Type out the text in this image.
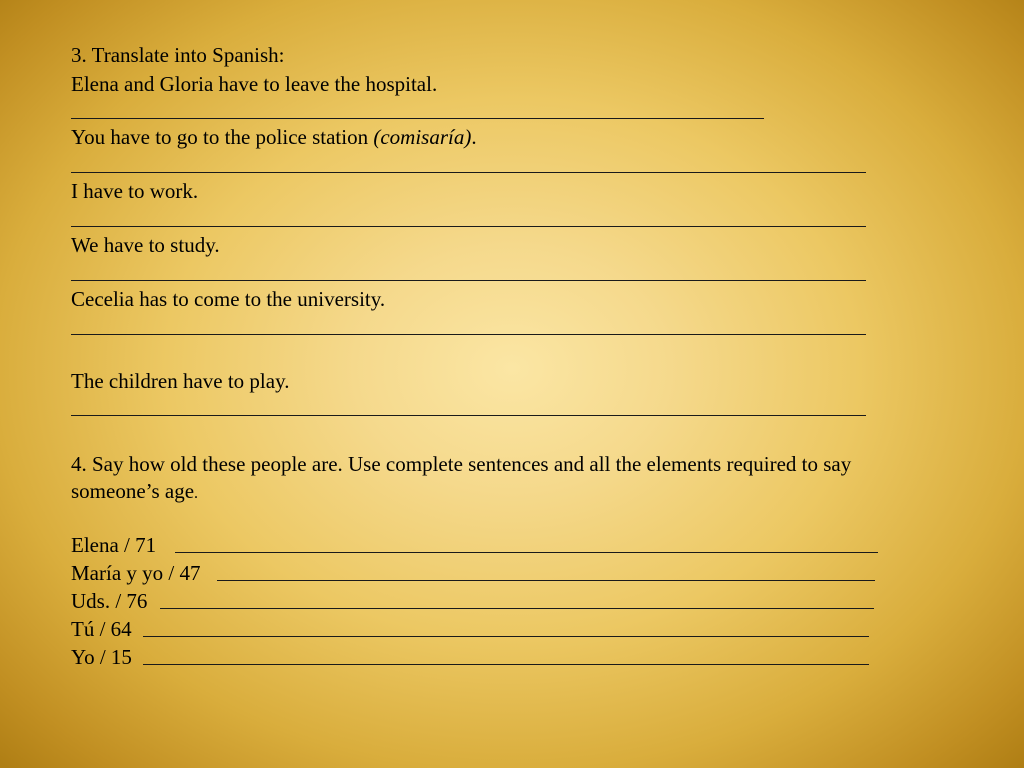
3. Translate into Spanish:
Elena and Gloria have to leave the hospital.
You have to go to the police station (comisaría).
I have to work.
We have to study.
Cecelia has to come to the university.
The children have to play.
4. Say how old these people are. Use complete sentences and all the elements required to say
someone’s age.
Elena / 71
María y yo / 47
Uds. / 76
Tú / 64
Yo / 15
